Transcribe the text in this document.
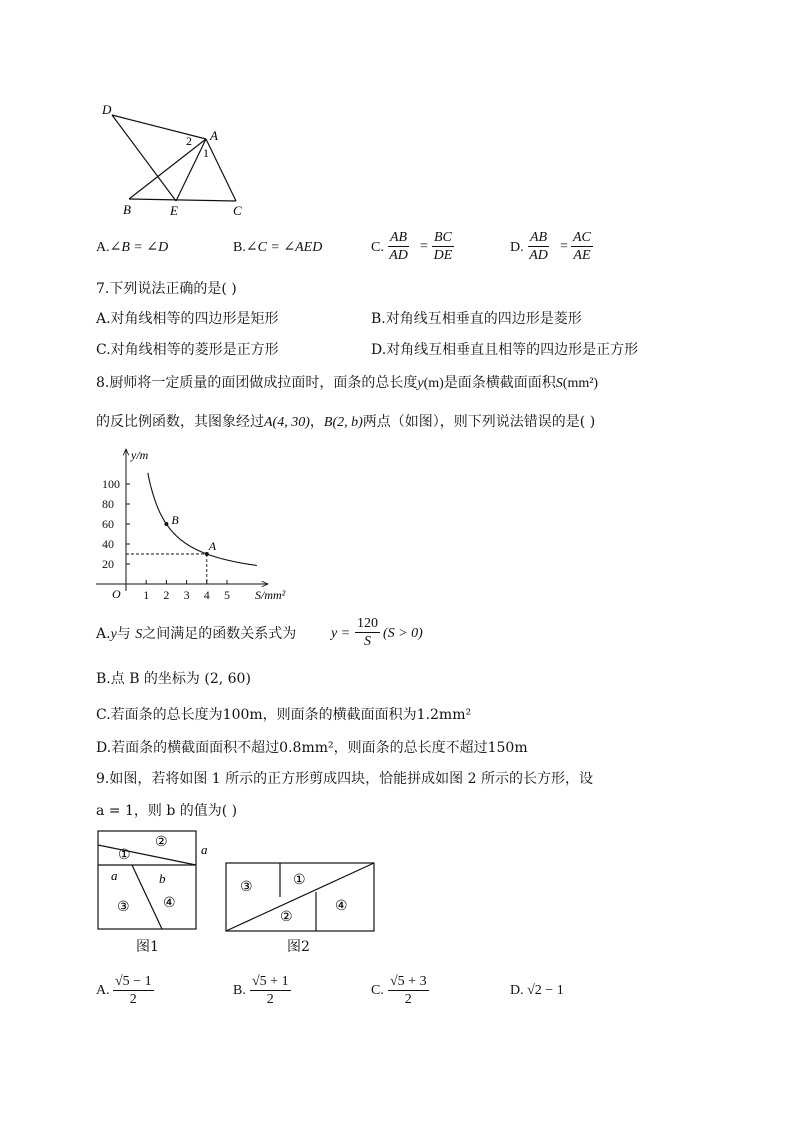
D
A
2
1
B	E	C
A.∠B = ∠D	B.∠C = ∠AED	C. $\frac{AB}{AD} = \frac{BC}{DE}$	D. $\frac{AB}{AD} = \frac{AC}{AE}$
7.下列说法正确的是( )
A.对角线相等的四边形是矩形	B.对角线互相垂直的四边形是菱形
C.对角线相等的菱形是正方形	D.对角线互相垂直且相等的四边形是正方形
8.厨师将一定质量的面团做成拉面时，面条的总长度y(m)是面条横截面面积S(mm²)
的反比例函数，其图象经过A(4, 30)，B(2, b)两点（如图），则下列说法错误的是( )
100
80
60
40
20
1 2 3 4 5
A
B
y/m
S/mm²
O
A.y与 S之间满足的函数关系式为 $y = \frac{120}{S} (S > 0)$
B.点 B 的坐标为 (2, 60)
C.若面条的总长度为100m，则面条的横截面面积为1.2mm²
D.若面条的横截面面积不超过0.8mm²，则面条的总长度不超过150m
9.如图，若将如图 1 所示的正方形剪成四块，恰能拼成如图 2 所示的长方形，设
a = 1，则 b 的值为( )
②
①	a
a	b
③ ④
图1
③	①
②
④
图2
A. $\frac{√5 - 1}{2}$	B. $\frac{√5 + 1}{2}$	C. $\frac{√5 + 3}{2}$	D. √2 − 1
